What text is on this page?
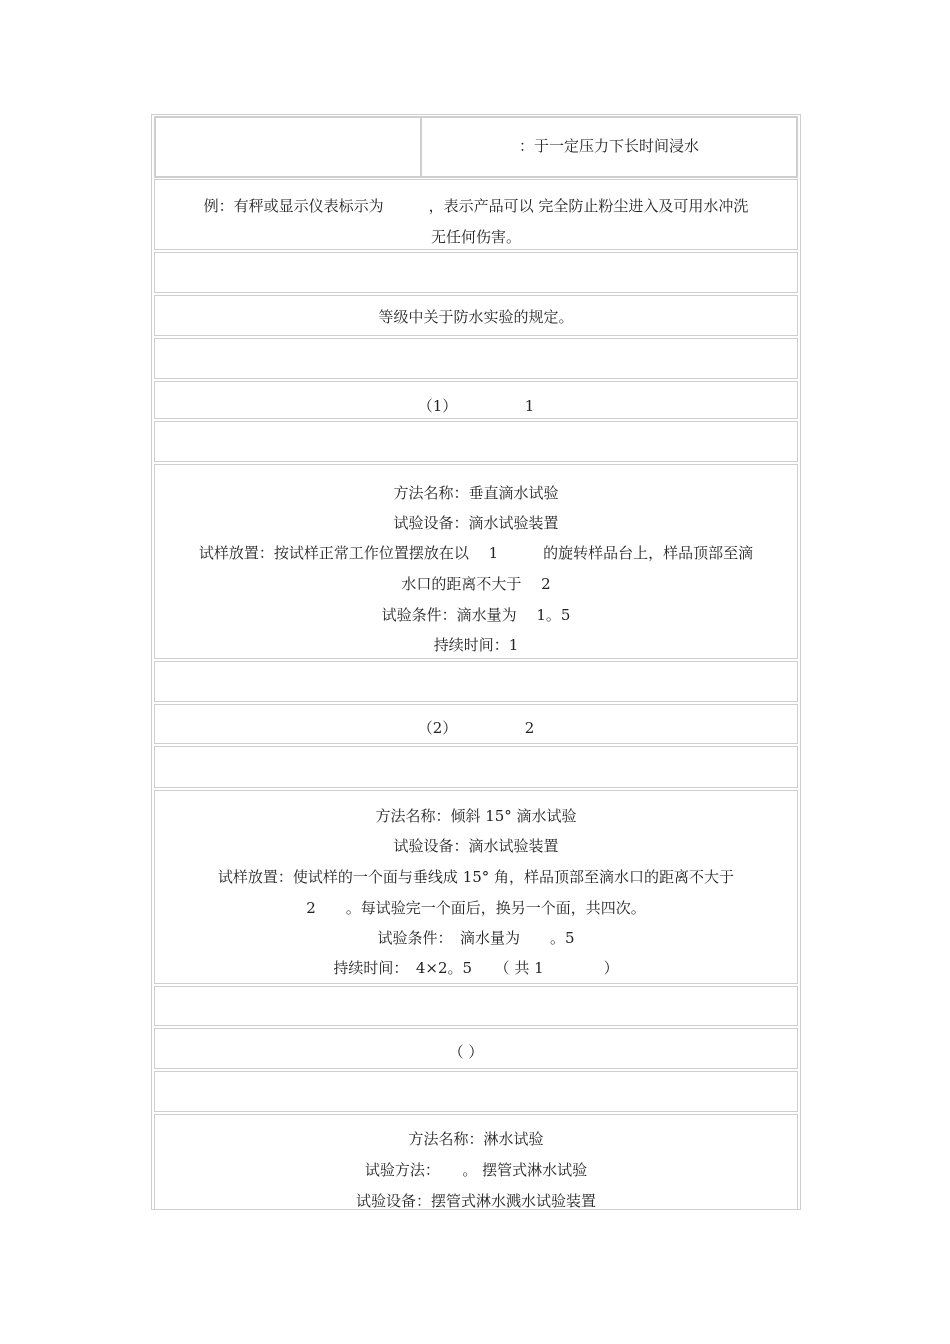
：于一定压力下长时间浸水
例：有秤或显示仪表标示为　　　，表示产品可以 完全防止粉尘进入及可用水冲洗
无任何伤害。
等级中关于防水实验的规定。
（1）　　　　　1
方法名称：垂直滴水试验
试验设备：滴水试验装置
试样放置：按试样正常工作位置摆放在以　 1　　　的旋转样品台上，样品顶部至滴
水口的距离不大于　 2
试验条件：滴水量为　 1。5
持续时间：1
（2）　　　　　2
方法名称：倾斜 15° 滴水试验
试验设备：滴水试验装置
试样放置：使试样的一个面与垂线成 15° 角，样品顶部至滴水口的距离不大于
2　　。每试验完一个面后，换另一个面，共四次。
试验条件：　滴水量为　　。5
持续时间：　4×2。5　　（ 共 1　　　　）
（ ）
方法名称：淋水试验
试验方法：　　。 摆管式淋水试验
试验设备：摆管式淋水溅水试验装置
